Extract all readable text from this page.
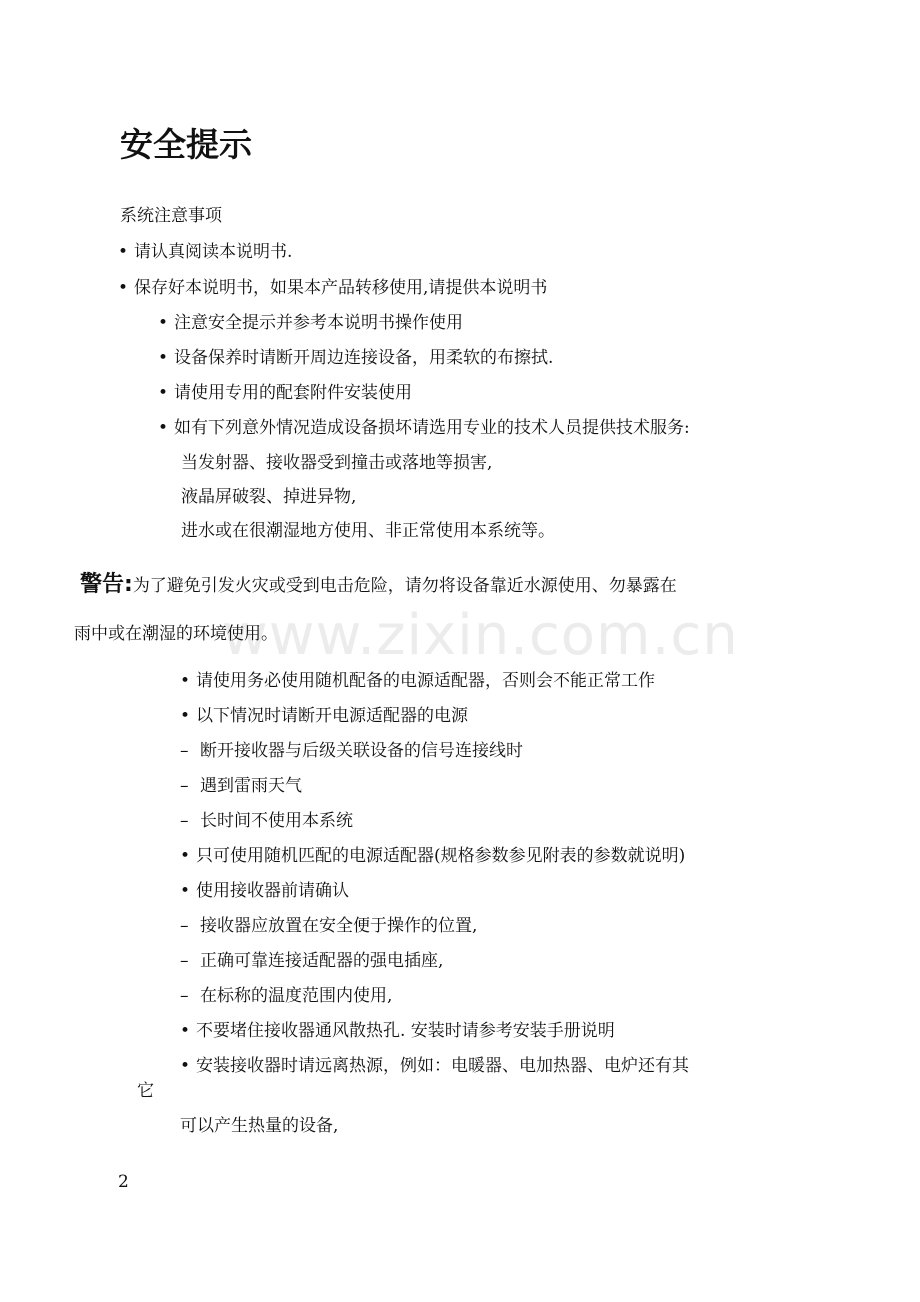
www.zixin.com.cn
安全提示
系统注意事项
• 请认真阅读本说明书.
• 保存好本说明书，如果本产品转移使用,请提供本说明书
• 注意安全提示并参考本说明书操作使用
• 设备保养时请断开周边连接设备，用柔软的布擦拭.
• 请使用专用的配套附件安装使用
• 如有下列意外情况造成设备损坏请选用专业的技术人员提供技术服务:
当发射器、接收器受到撞击或落地等损害,
液晶屏破裂、掉进异物,
进水或在很潮湿地方使用、非正常使用本系统等。
警告:为了避免引发火灾或受到电击危险，请勿将设备靠近水源使用、勿暴露在
雨中或在潮湿的环境使用。
• 请使用务必使用随机配备的电源适配器，否则会不能正常工作
• 以下情况时请断开电源适配器的电源
– 断开接收器与后级关联设备的信号连接线时
– 遇到雷雨天气
– 长时间不使用本系统
• 只可使用随机匹配的电源适配器(规格参数参见附表的参数就说明)
• 使用接收器前请确认
– 接收器应放置在安全便于操作的位置,
– 正确可靠连接适配器的强电插座,
– 在标称的温度范围内使用,
• 不要堵住接收器通风散热孔. 安装时请参考安装手册说明
• 安装接收器时请远离热源，例如：电暖器、电加热器、电炉还有其
它
可以产生热量的设备,
2
